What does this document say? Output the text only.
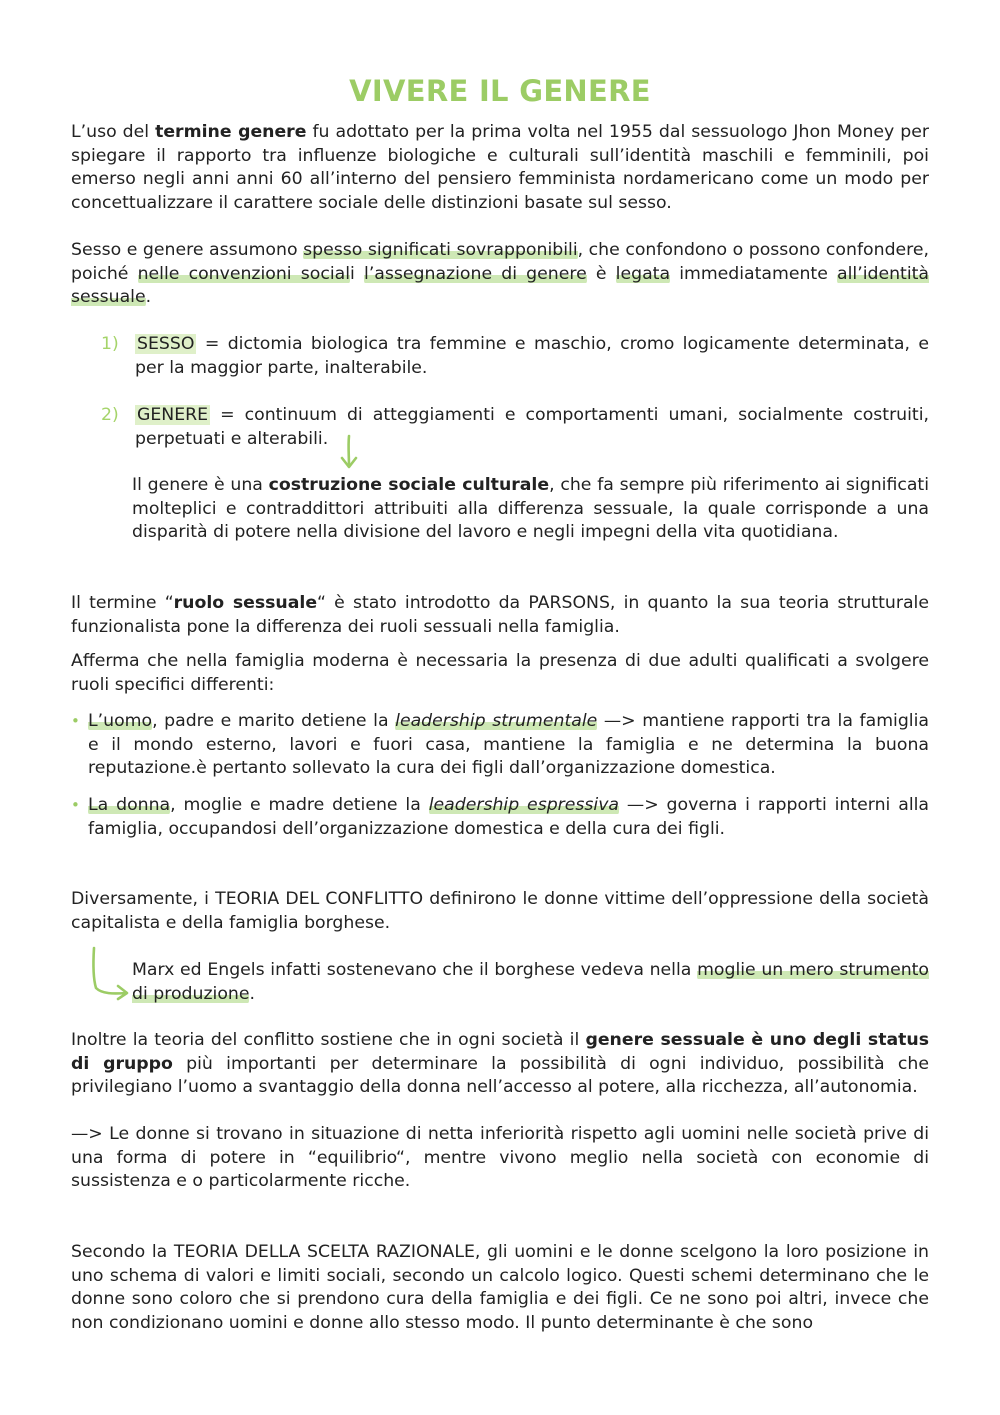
VIVERE IL GENERE

L’uso del termine genere fu adottato per la prima volta nel 1955 dal sessuologo Jhon Money per spiegare il rapporto tra influenze biologiche e culturali sull’identità maschili e femminili, poi emerso negli anni anni 60 all’interno del pensiero femminista nordamericano come un modo per concettualizzare il carattere sociale delle distinzioni basate sul sesso.

Sesso e genere assumono spesso significati sovrapponibili, che confondono o possono confondere, poiché nelle convenzioni sociali l’assegnazione di genere è legata immediatamente all’identità sessuale.

1) SESSO = dictomia biologica tra femmine e maschio, cromo logicamente determinata, e per la maggior parte, inalterabile.

2) GENERE = continuum di atteggiamenti e comportamenti umani, socialmente costruiti, perpetuati e alterabili.

Il genere è una costruzione sociale culturale, che fa sempre più riferimento ai significati molteplici e contraddittori attribuiti alla differenza sessuale, la quale corrisponde a una disparità di potere nella divisione del lavoro e negli impegni della vita quotidiana.

Il termine “ruolo sessuale“ è stato introdotto da PARSONS, in quanto la sua teoria strutturale funzionalista pone la differenza dei ruoli sessuali nella famiglia.

Afferma che nella famiglia moderna è necessaria la presenza di due adulti qualificati a svolgere ruoli specifici differenti:

• L’uomo, padre e marito detiene la leadership strumentale —> mantiene rapporti tra la famiglia e il mondo esterno, lavori e fuori casa, mantiene la famiglia e ne determina la buona reputazione.è pertanto sollevato la cura dei figli dall’organizzazione domestica.

• La donna, moglie e madre detiene la leadership espressiva —> governa i rapporti interni alla famiglia, occupandosi dell’organizzazione domestica e della cura dei figli.

Diversamente, i TEORIA DEL CONFLITTO definirono le donne vittime dell’oppressione della società capitalista e della famiglia borghese.

Marx ed Engels infatti sostenevano che il borghese vedeva nella moglie un mero strumento di produzione.

Inoltre la teoria del conflitto sostiene che in ogni società il genere sessuale è uno degli status di gruppo più importanti per determinare la possibilità di ogni individuo, possibilità che privilegiano l’uomo a svantaggio della donna nell’accesso al potere, alla ricchezza, all’autonomia.

—> Le donne si trovano in situazione di netta inferiorità rispetto agli uomini nelle società prive di una forma di potere in “equilibrio“, mentre vivono meglio nella società con economie di sussistenza e o particolarmente ricche.

Secondo la TEORIA DELLA SCELTA RAZIONALE, gli uomini e le donne scelgono la loro posizione in uno schema di valori e limiti sociali, secondo un calcolo logico. Questi schemi determinano che le donne sono coloro che si prendono cura della famiglia e dei figli. Ce ne sono poi altri, invece che non condizionano uomini e donne allo stesso modo. Il punto determinante è che sono
